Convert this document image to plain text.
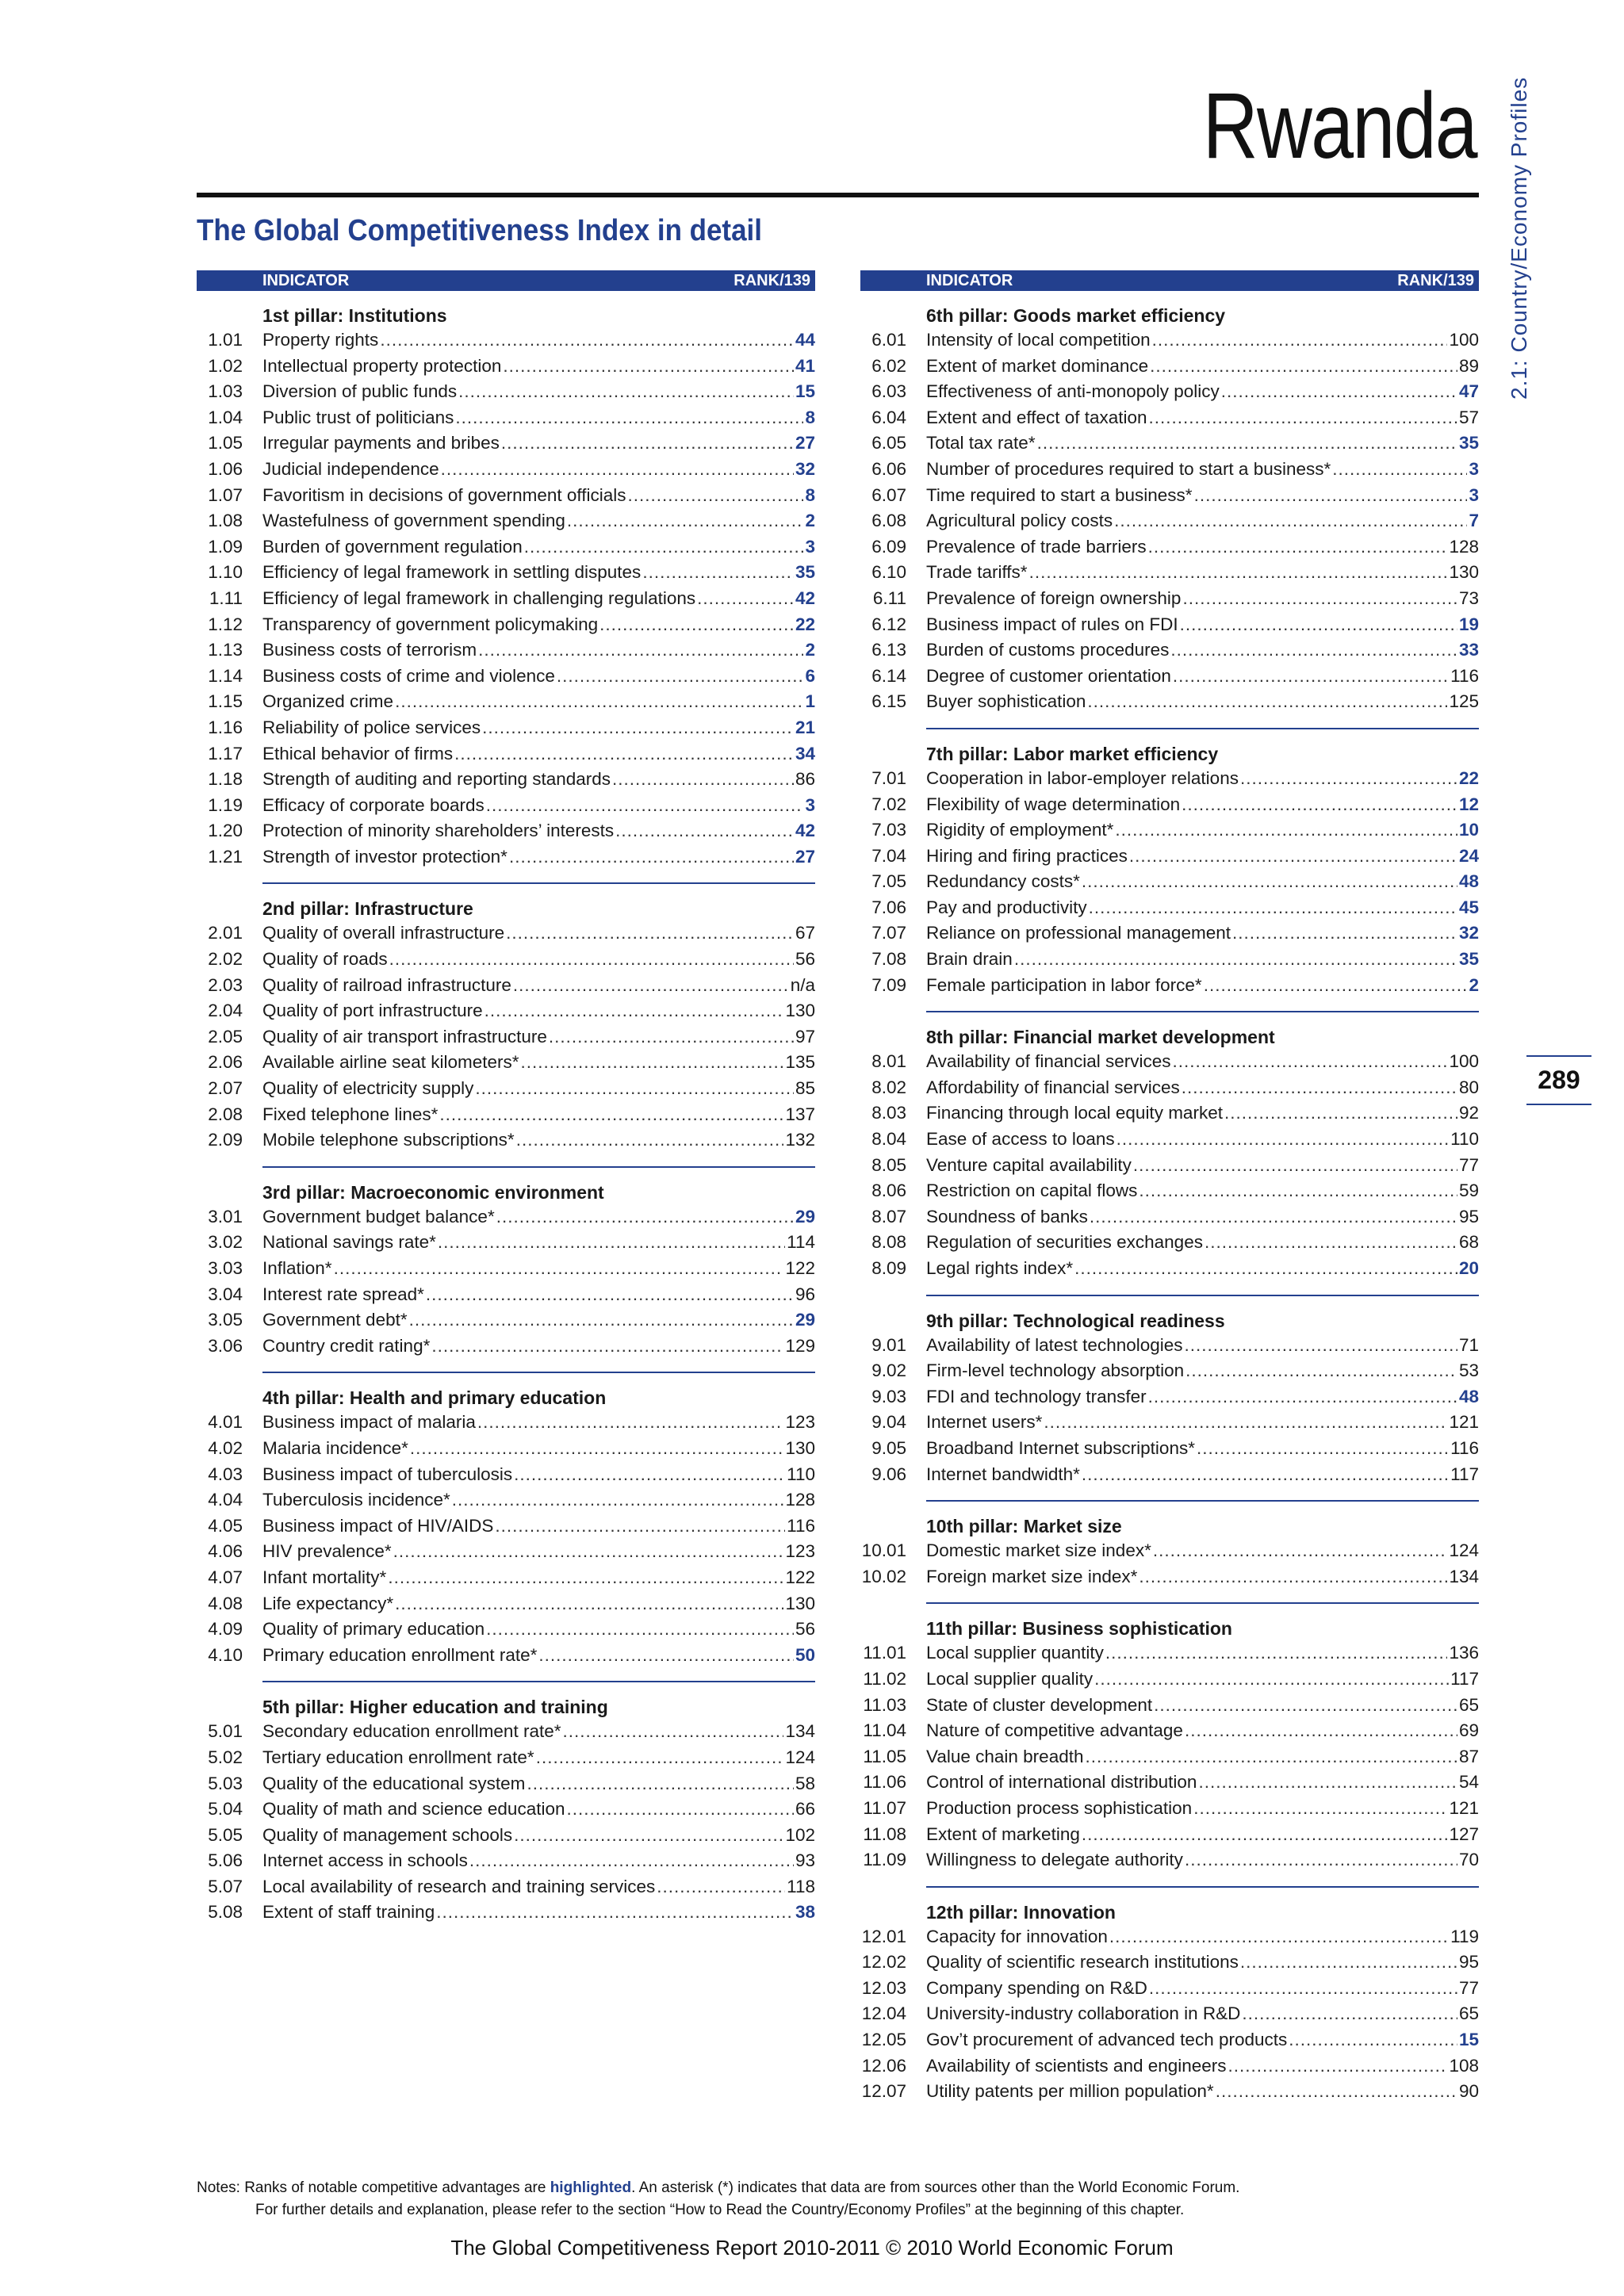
Rwanda 2.1: Country/Economy Profiles
289
The Global Competitiveness Index in detail
INDICATOR	RANK/139
1st pillar: Institutions
1.01 Property rights .....	44
1.02 Intellectual property protection .....	41
1.03 Diversion of public funds .....	15
1.04 Public trust of politicians .....	8
1.05 Irregular payments and bribes .....	27
1.06 Judicial independence .....	32
1.07 Favoritism in decisions of government officials .....	8
1.08 Wastefulness of government spending .....	2
1.09 Burden of government regulation .....	3
1.10 Efficiency of legal framework in settling disputes .....	35
1.11 Efficiency of legal framework in challenging regulations .....	42
1.12 Transparency of government policymaking .....	22
1.13 Business costs of terrorism .....	2
1.14 Business costs of crime and violence .....	6
1.15 Organized crime .....	1
1.16 Reliability of police services .....	21
1.17 Ethical behavior of firms .....	34
1.18 Strength of auditing and reporting standards .....	86
1.19 Efficacy of corporate boards .....	3
1.20 Protection of minority shareholders’ interests .....	42
1.21 Strength of investor protection* .....	27
2nd pillar: Infrastructure
2.01 Quality of overall infrastructure .....	67
2.02 Quality of roads .....	56
2.03 Quality of railroad infrastructure .....	n/a
2.04 Quality of port infrastructure .....	130
2.05 Quality of air transport infrastructure .....	97
2.06 Available airline seat kilometers* .....	135
2.07 Quality of electricity supply .....	85
2.08 Fixed telephone lines* .....	137
2.09 Mobile telephone subscriptions* .....	132
3rd pillar: Macroeconomic environment
3.01 Government budget balance* .....	29
3.02 National savings rate* .....	114
3.03 Inflation* .....	122
3.04 Interest rate spread* .....	96
3.05 Government debt* .....	29
3.06 Country credit rating* .....	129
4th pillar: Health and primary education
4.01 Business impact of malaria .....	123
4.02 Malaria incidence* .....	130
4.03 Business impact of tuberculosis .....	110
4.04 Tuberculosis incidence* .....	128
4.05 Business impact of HIV/AIDS .....	116
4.06 HIV prevalence* .....	123
4.07 Infant mortality* .....	122
4.08 Life expectancy* .....	130
4.09 Quality of primary education .....	56
4.10 Primary education enrollment rate* .....	50
5th pillar: Higher education and training
5.01 Secondary education enrollment rate* .....	134
5.02 Tertiary education enrollment rate* .....	124
5.03 Quality of the educational system .....	58
5.04 Quality of math and science education .....	66
5.05 Quality of management schools .....	102
5.06 Internet access in schools .....	93
5.07 Local availability of research and training services .....	118
5.08 Extent of staff training .....	38
INDICATOR	RANK/139
6th pillar: Goods market efficiency
6.01 Intensity of local competition .....	100
6.02 Extent of market dominance .....	89
6.03 Effectiveness of anti-monopoly policy .....	47
6.04 Extent and effect of taxation .....	57
6.05 Total tax rate* .....	35
6.06 Number of procedures required to start a business* .....	3
6.07 Time required to start a business* .....	3
6.08 Agricultural policy costs .....	7
6.09 Prevalence of trade barriers .....	128
6.10 Trade tariffs* .....	130
6.11 Prevalence of foreign ownership .....	73
6.12 Business impact of rules on FDI .....	19
6.13 Burden of customs procedures .....	33
6.14 Degree of customer orientation .....	116
6.15 Buyer sophistication .....	125
7th pillar: Labor market efficiency
7.01 Cooperation in labor-employer relations .....	22
7.02 Flexibility of wage determination .....	12
7.03 Rigidity of employment* .....	10
7.04 Hiring and firing practices .....	24
7.05 Redundancy costs* .....	48
7.06 Pay and productivity .....	45
7.07 Reliance on professional management .....	32
7.08 Brain drain .....	35
7.09 Female participation in labor force* .....	2
8th pillar: Financial market development
8.01 Availability of financial services .....	100
8.02 Affordability of financial services .....	80
8.03 Financing through local equity market .....	92
8.04 Ease of access to loans .....	110
8.05 Venture capital availability .....	77
8.06 Restriction on capital flows .....	59
8.07 Soundness of banks .....	95
8.08 Regulation of securities exchanges .....	68
8.09 Legal rights index* .....	20
9th pillar: Technological readiness
9.01 Availability of latest technologies .....	71
9.02 Firm-level technology absorption .....	53
9.03 FDI and technology transfer .....	48
9.04 Internet users* .....	121
9.05 Broadband Internet subscriptions* .....	116
9.06 Internet bandwidth* .....	117
10th pillar: Market size
10.01 Domestic market size index* .....	124
10.02 Foreign market size index* .....	134
11th pillar: Business sophistication
11.01 Local supplier quantity .....	136
11.02 Local supplier quality .....	117
11.03 State of cluster development .....	65
11.04 Nature of competitive advantage .....	69
11.05 Value chain breadth .....	87
11.06 Control of international distribution .....	54
11.07 Production process sophistication .....	121
11.08 Extent of marketing .....	127
11.09 Willingness to delegate authority .....	70
12th pillar: Innovation
12.01 Capacity for innovation .....	119
12.02 Quality of scientific research institutions .....	95
12.03 Company spending on R&D .....	77
12.04 University-industry collaboration in R&D .....	65
12.05 Gov’t procurement of advanced tech products .....	15
12.06 Availability of scientists and engineers .....	108
12.07 Utility patents per million population* .....	90
Notes: Ranks of notable competitive advantages are highlighted. An asterisk (*) indicates that data are from sources other than the World Economic Forum.
For further details and explanation, please refer to the section “How to Read the Country/Economy Profiles” at the beginning of this chapter.
The Global Competitiveness Report 2010-2011 © 2010 World Economic Forum
